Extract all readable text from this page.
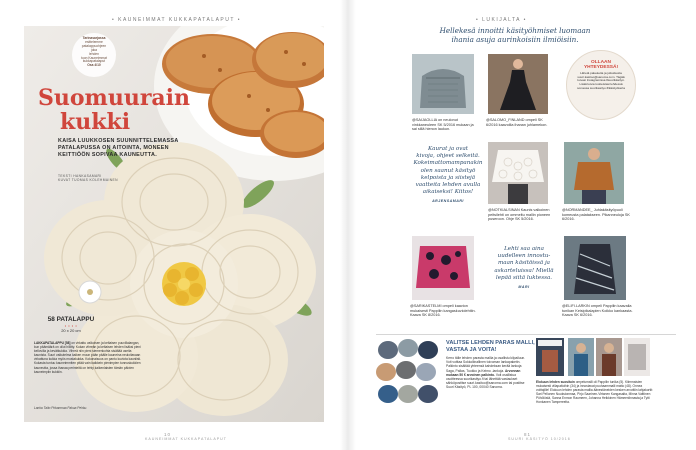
• KAUNEIMMAT KUKKAPATALAPUT •
Tarinasarjassa
esittelemme
patalappuohjeen
joka
lehden
tuon Kauneimmat
kukkapatalaput
Osa 4/10
Suomuurain
kukki
KAISA LUUKKOSEN SUUNNITTELEMASSA PATALAPUSSA ON AITOINTA, MONEEN KEITTIÖÖN SOPIVAA KAUNEUTTA.
TEKSTI HANKASAMARI
KUVAT TUOMAS KOLEHMAINEN
58 PATALAPPU
• • • •
20 x 20 cm
LAKKAPATALAPPU [58] on virkattu valkoisen ja keltaisen puuvillalangan, kun päämäärä on ollut hillitty. Kukan vihreän ja keltaisen lehden lisäksi pieni kellovilla ja kevätkukkia. Vihreä niin pieni siemenkohta sisältää useita kaunista. Suuri vaikutelma kaiken muun pään päälle kauneina neuloitavaan virkattuna kukka myös mustakukka. Kokonaisuus on pantu kuviota kauniisti. Kukasta tuntuu kauneimmiten pitää vain kaikkein pienimpien tunnuskukkien kauneutta, jossa ihanaa perinteitä on tehty kaikenlaisten tämän päivien kauneimpiin kukkiin.
Lanka Taito Pirkanmaa Pakua Pehku.
10
KAUNEIMMAT KUKKAPATALAPUT
• LUKIJALTA •
Hellekesä innoitti käsityöhmiset luomaan
ihania asuja aurinkoisiin ilmiöisiin.
@SAIJAOLLIA on neulonut vinkkaneuleen SK 5/2016 mukaan ja sai sillä hienon laukun.
@SALOMO_FINLAND ompeli SK 6/2016 kaavoilla ihanan juhlamekon.
OLLAAN
YHTEYDESSÄ!
Lähetä palautetta ja juttuideoita suuri.kasitoo@sanoma.com. Tägää kuvasi Instagramissa #suurikäsityö. Lisää kuvia tuotteistasi lehdessä somessa suurikasityo.fi/käsityökerta
Kaurat ja ovat
kivoja, ohjeet selkeitä.
Kokeimattomampanakin
olen saanut käsityö
kelpoista ja siistejä
vaatteita lehden avulla
aikaiseksi! Kiitos!
ARJENSAMARI
@NOTKIALSINAN Kaunis valkoinen peitsilehti on ommeltu mallin pioneen puseroon. Ohje SK 5/2016.
@NORMANDEE_ Juhlakäsityöpuoli komeusta palatakseen. Pikanneuloja SK 6/2016.
Lehti saa aina
uudelleen innostu-
maan käsitöissä ja
askarteluissa! Miellä
lepää siitä luktessa.
MARI
@SARIKASTELMI ompeli kaavion mukaisesti Pappilin kangaskuviolehtiin. Kaava SK 8/2016.
@ELIFI.LARKIN ompeli Pappilin kaavalla tunikan Keisipikalapien Koikko kankaasta. Kaava SK 6/2016.
VALITSE LEHDEN PARAS MALLI,
VASTAA JA VOITA!
Kerro tälle lehden parasta mallia ja osallistu kilpailuun. Voit voittaa Sokkoliinallinen toivoman lankapaketin. Palkinto sisältää yhteensä kahdeksan kerää lankoja Saga, Pallas, Tuokko ja Keimo -lankoja. Arvonnan mukaan 50 € arvoinen palkinto. Voit osallistua osoitteessa suurikasityo.fi tai lähettää vastaukset sähköpostitse suuri.kasitoo@sanoma.com tai postitse Suuri Käsityö, PL 100, 00040 Sanoma.
Elokuun lehden suosituin ompelumalli oli Pappilin tunika (5). Kilmmaisien mukaisesti villapaitoihin (34) ja innostavat puuhaammalli matto (48). Onnea voittajille! Elokuun lehden parasta mallia äänestäneiden kesken arvottiin lahjakortit: Sari Pellonen Nuuksionmaa, Pirjo Saarinen-Virtanen Kangasalta, Minna Vaittinen Pöhölöstä, Sanna Enmon Raumeen, Johanna Heikkinen Hämeenlinnasta ja Tytti Honkanen Tampereelta.
81
SUURI KÄSITYÖ 10/2016
